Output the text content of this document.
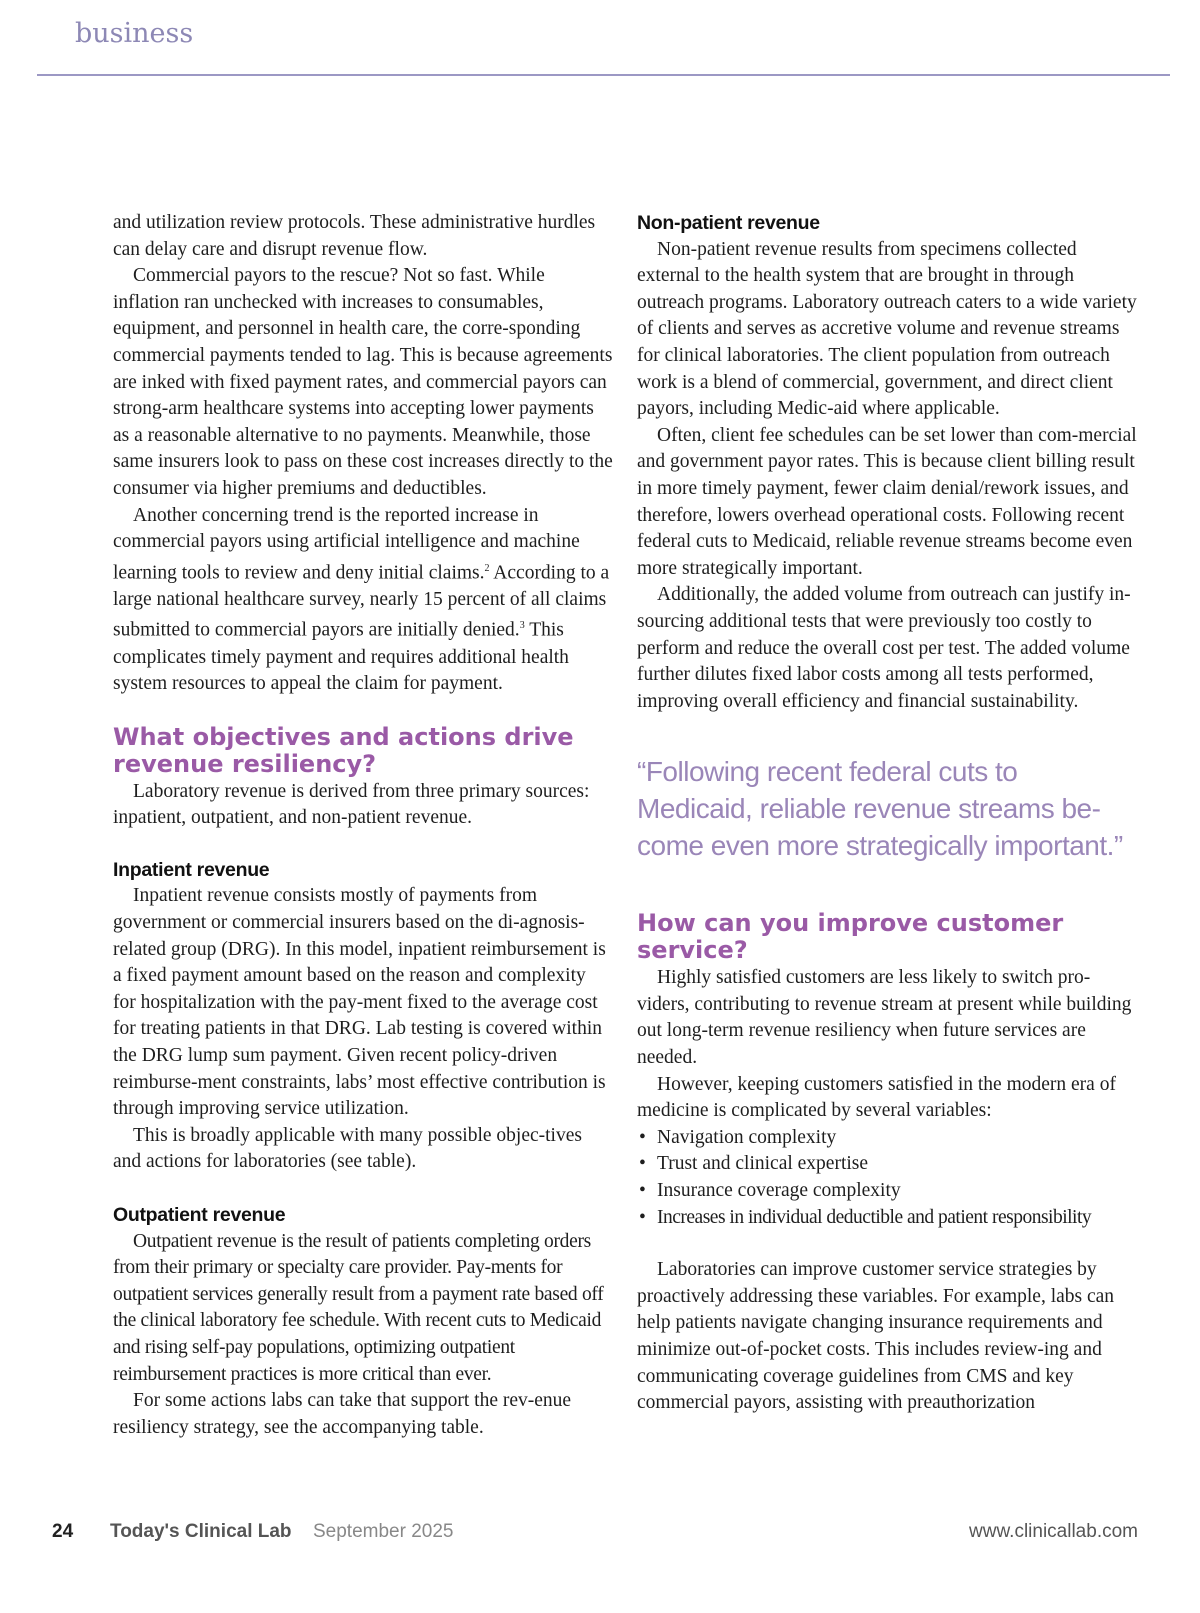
business

and utilization review protocols. These administrative hurdles can delay care and disrupt revenue flow.

Commercial payors to the rescue? Not so fast. While inflation ran unchecked with increases to consumables, equipment, and personnel in health care, the corre-sponding commercial payments tended to lag. This is because agreements are inked with fixed payment rates, and commercial payors can strong-arm healthcare systems into accepting lower payments as a reasonable alternative to no payments. Meanwhile, those same insurers look to pass on these cost increases directly to the consumer via higher premiums and deductibles.

Another concerning trend is the reported increase in commercial payors using artificial intelligence and machine learning tools to review and deny initial claims.$^2$ According to a large national healthcare survey, nearly 15 percent of all claims submitted to commercial payors are initially denied.$^3$ This complicates timely payment and requires additional health system resources to appeal the claim for payment.

What objectives and actions drive revenue resiliency?

Laboratory revenue is derived from three primary sources: inpatient, outpatient, and non-patient revenue.

Inpatient revenue

Inpatient revenue consists mostly of payments from government or commercial insurers based on the di-agnosis-related group (DRG). In this model, inpatient reimbursement is a fixed payment amount based on the reason and complexity for hospitalization with the pay-ment fixed to the average cost for treating patients in that DRG. Lab testing is covered within the DRG lump sum payment. Given recent policy-driven reimburse-ment constraints, labs’ most effective contribution is through improving service utilization.

This is broadly applicable with many possible objec-tives and actions for laboratories (see table).

Outpatient revenue

Outpatient revenue is the result of patients completing orders from their primary or specialty care provider. Pay-ments for outpatient services generally result from a payment rate based off the clinical laboratory fee schedule. With recent cuts to Medicaid and rising self-pay populations, optimizing outpatient reimbursement practices is more critical than ever.

For some actions labs can take that support the rev-enue resiliency strategy, see the accompanying table.

Non-patient revenue

Non-patient revenue results from specimens collected external to the health system that are brought in through outreach programs. Laboratory outreach caters to a wide variety of clients and serves as accretive volume and revenue streams for clinical laboratories. The client population from outreach work is a blend of commercial, government, and direct client payors, including Medic-aid where applicable.

Often, client fee schedules can be set lower than com-mercial and government payor rates. This is because client billing result in more timely payment, fewer claim denial/rework issues, and therefore, lowers overhead operational costs. Following recent federal cuts to Medicaid, reliable revenue streams become even more strategically important.

Additionally, the added volume from outreach can justify in-sourcing additional tests that were previously too costly to perform and reduce the overall cost per test. The added volume further dilutes fixed labor costs among all tests performed, improving overall efficiency and financial sustainability.

“Following recent federal cuts to Medicaid, reliable revenue streams be-come even more strategically important.”
How can you improve customer service?

Highly satisfied customers are less likely to switch pro-viders, contributing to revenue stream at present while building out long-term revenue resiliency when future services are needed.

However, keeping customers satisfied in the modern era of medicine is complicated by several variables:

• Navigation complexity
• Trust and clinical expertise
• Insurance coverage complexity
• Increases in individual deductible and patient responsibility

Laboratories can improve customer service strategies by proactively addressing these variables. For example, labs can help patients navigate changing insurance requirements and minimize out-of-pocket costs. This includes review-ing and communicating coverage guidelines from CMS and key commercial payors, assisting with preauthorization

24 Today's Clinical Lab September 2025	www.clinicallab.com
